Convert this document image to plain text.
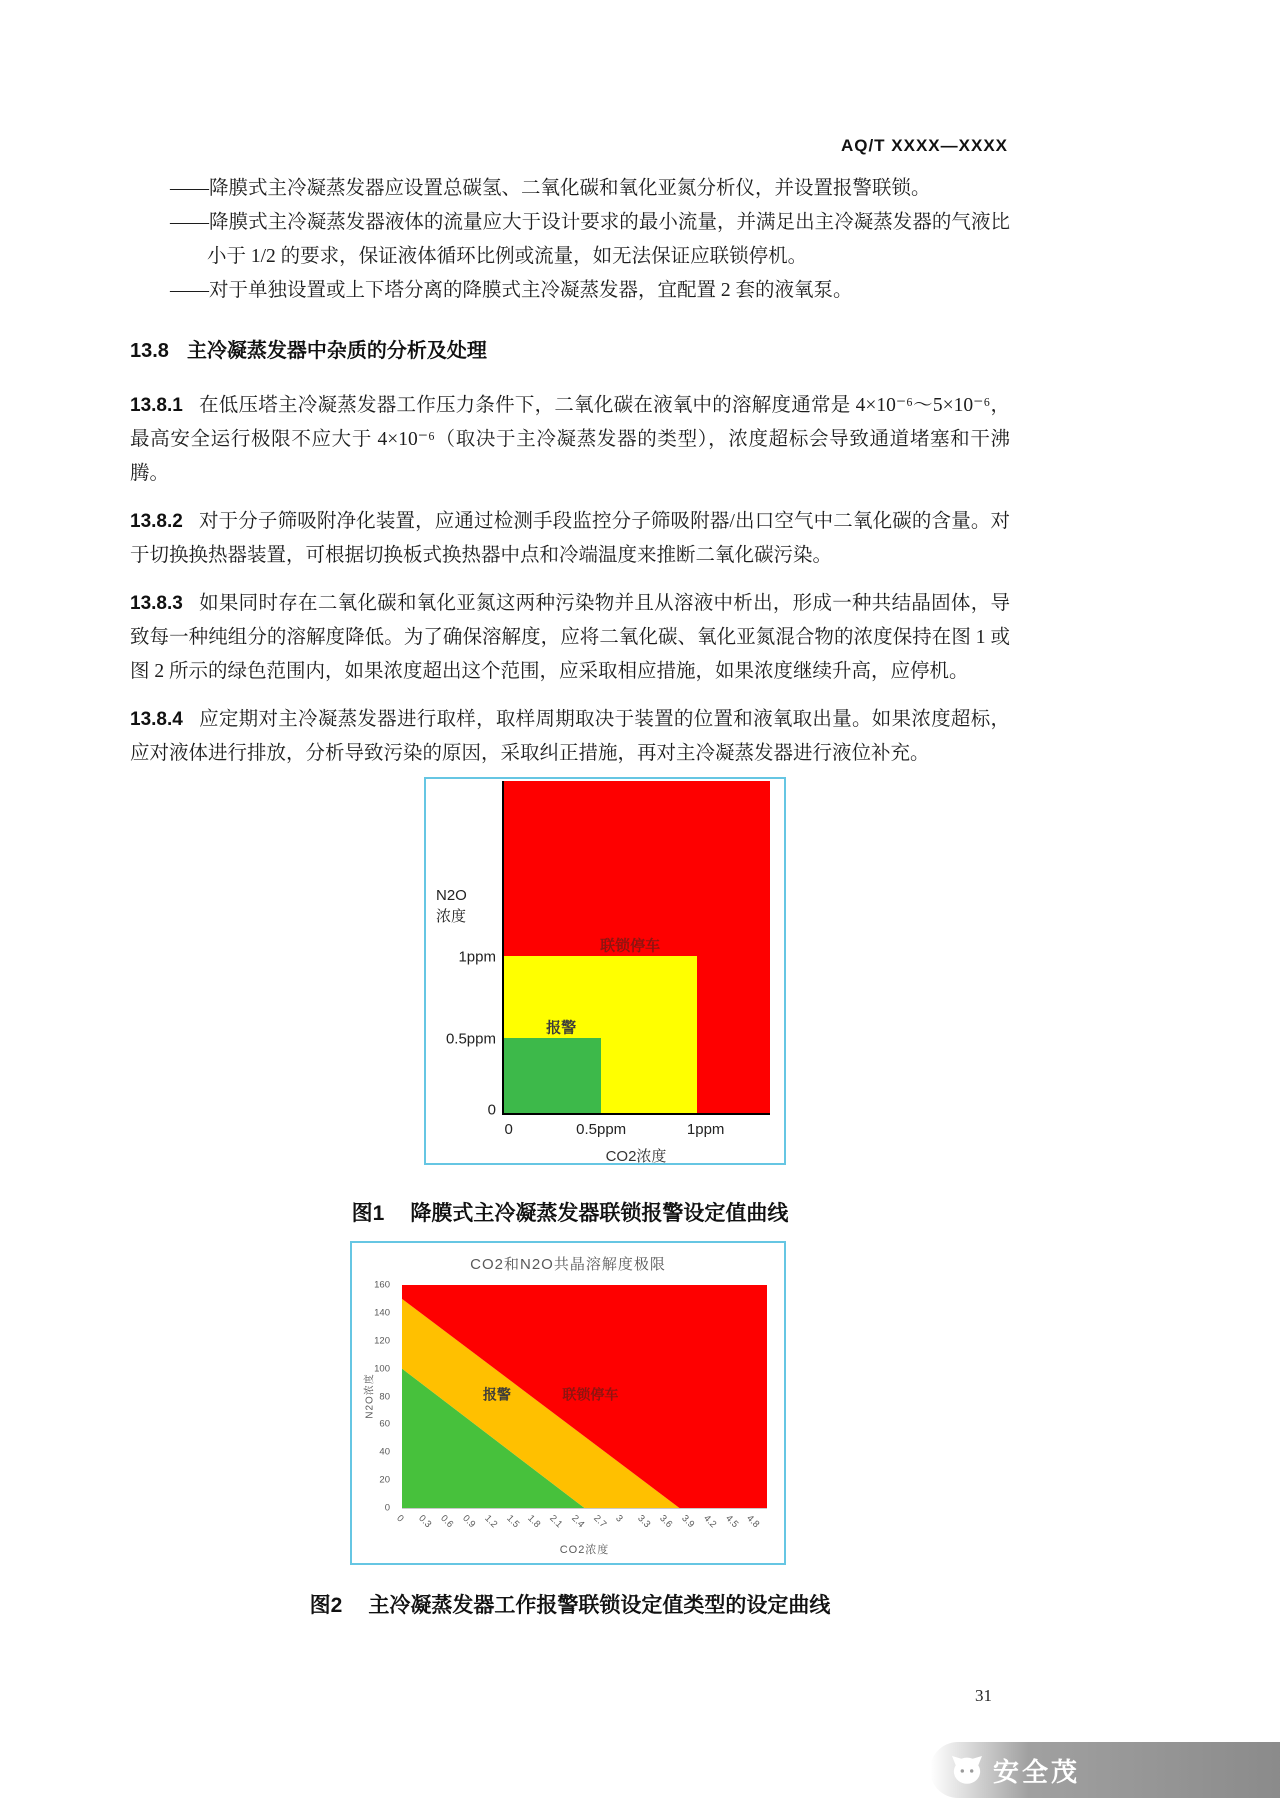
AQ/T XXXX—XXXX
——降膜式主冷凝蒸发器应设置总碳氢、二氧化碳和氧化亚氮分析仪，并设置报警联锁。
——降膜式主冷凝蒸发器液体的流量应大于设计要求的最小流量，并满足出主冷凝蒸发器的气液比小于 1/2 的要求，保证液体循环比例或流量，如无法保证应联锁停机。
——对于单独设置或上下塔分离的降膜式主冷凝蒸发器，宜配置 2 套的液氧泵。
13.8 主冷凝蒸发器中杂质的分析及处理

13.8.1 在低压塔主冷凝蒸发器工作压力条件下，二氧化碳在液氧中的溶解度通常是 4×10⁻⁶～5×10⁻⁶，最高安全运行极限不应大于 4×10⁻⁶（取决于主冷凝蒸发器的类型），浓度超标会导致通道堵塞和干沸腾。

13.8.2 对于分子筛吸附净化装置，应通过检测手段监控分子筛吸附器/出口空气中二氧化碳的含量。对于切换换热器装置，可根据切换板式换热器中点和冷端温度来推断二氧化碳污染。

13.8.3 如果同时存在二氧化碳和氧化亚氮这两种污染物并且从溶液中析出，形成一种共结晶固体，导致每一种纯组分的溶解度降低。为了确保溶解度，应将二氧化碳、氧化亚氮混合物的浓度保持在图 1 或图 2 所示的绿色范围内，如果浓度超出这个范围，应采取相应措施，如果浓度继续升高，应停机。

13.8.4 应定期对主冷凝蒸发器进行取样，取样周期取决于装置的位置和液氧取出量。如果浓度超标，应对液体进行排放，分析导致污染的原因，采取纠正措施，再对主冷凝蒸发器进行液位补充。

N2O
浓度
1ppm
0.5ppm
0
联锁停车
报警
0	0.5ppm	1ppm
CO2浓度
图1 降膜式主冷凝蒸发器联锁报警设定值曲线
CO2和N2O共晶溶解度极限
N2O浓度
0
20
40
60
80
100
120
140
160
报警	联锁停车
0 0.3 0.6 0.9 1.2 1.5 1.8 2.1 2.4 2.7 3 3.3 3.6 3.9 4.2 4.5 4.8
CO2浓度
图2 主冷凝蒸发器工作报警联锁设定值类型的设定曲线
31
安全茂
